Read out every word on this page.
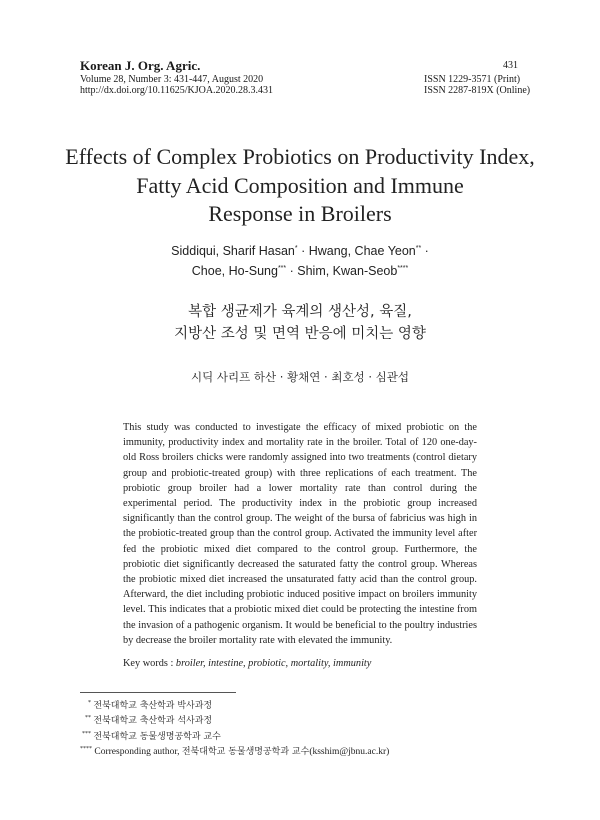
Korean J. Org. Agric.
Volume 28, Number 3: 431-447, August 2020
http://dx.doi.org/10.11625/KJOA.2020.28.3.431
431
ISSN 1229-3571 (Print)
ISSN 2287-819X (Online)
Effects of Complex Probiotics on Productivity Index,
Fatty Acid Composition and Immune
Response in Broilers
Siddiqui, Sharif Hasan* · Hwang, Chae Yeon** ·
Choe, Ho-Sung*** · Shim, Kwan-Seob****
복합 생균제가 육계의 생산성, 육질,
지방산 조성 및 면역 반응에 미치는 영향
시딕 사리프 하산 · 황채연 · 최호성 · 심관섭

This study was conducted to investigate the efficacy of mixed probiotic on the immunity, productivity index and mortality rate in the broiler. Total of 120 one-day-old Ross broilers chicks were randomly assigned into two treatments (control dietary group and probiotic-treated group) with three replications of each treatment. The probiotic group broiler had a lower mortality rate than control during the experimental period. The productivity index in the probiotic group increased significantly than the control group. The weight of the bursa of fabricius was high in the probiotic-treated group than the control group. Activated the immunity level after fed the probiotic mixed diet compared to the control group. Furthermore, the probiotic diet significantly decreased the saturated fatty the control group. Whereas the probiotic mixed diet increased the unsaturated fatty acid than the control group. Afterward, the diet including probiotic induced positive impact on broilers immunity level. This indicates that a probiotic mixed diet could be protecting the intestine from the invasion of a pathogenic organism. It would be beneficial to the poultry industries by decrease the broiler mortality rate with elevated the immunity.

Key words : broiler, intestine, probiotic, mortality, immunity
* 전북대학교 축산학과 박사과정
** 전북대학교 축산학과 석사과정
*** 전북대학교 동물생명공학과 교수
**** Corresponding author, 전북대학교 동물생명공학과 교수(ksshim@jbnu.ac.kr)
